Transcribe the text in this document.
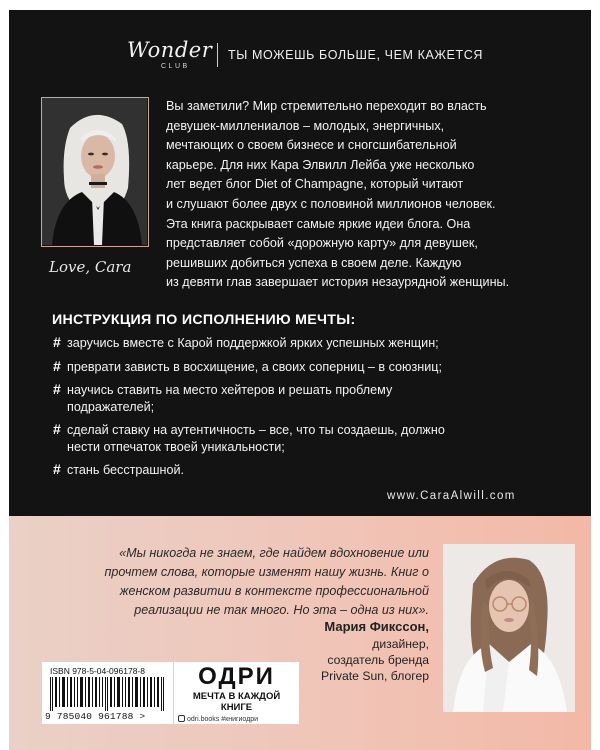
Wonder
CLUB
ТЫ МОЖЕШЬ БОЛЬШЕ, ЧЕМ КАЖЕТСЯ
Love, Cara

Вы заметили? Мир стремительно переходит во власть

девушек-миллениалов – молодых, энергичных,

мечтающих о своем бизнесе и сногсшибательной

карьере. Для них Кара Элвилл Лейба уже несколько

лет ведет блог Diet of Champagne, который читают

и слушают более двух с половиной миллионов человек.

Эта книга раскрывает самые яркие идеи блога. Она

представляет собой «дорожную карту» для девушек,

решивших добиться успеха в своем деле. Каждую

из девяти глав завершает история незаурядной женщины.

ИНСТРУКЦИЯ ПО ИСПОЛНЕНИЮ МЕЧТЫ:
# заручись вместе с Карой поддержкой ярких успешных женщин;
# преврати зависть в восхищение, а своих соперниц – в союзниц;
# научись ставить на место хейтеров и решать проблему подражателей;
# сделай ставку на аутентичность – все, что ты создаешь, должно нести отпечаток твоей уникальности;
# стань бесстрашной.
www.CaraAlwill.com
«Мы никогда не знаем, где найдем вдохновение или прочтем слова, которые изменят нашу жизнь. Книг о женском развитии в контексте профессиональной реализации не так много. Но эта – одна из них».
Мария Фикссон,
дизайнер,
создатель бренда
Private Sun, блогер
ISBN 978-5-04-096178-8
9 785040 961788 >
ОДРИ
МЕЧТА В КАЖДОЙ
КНИГЕ
odri.books #книгиодри
